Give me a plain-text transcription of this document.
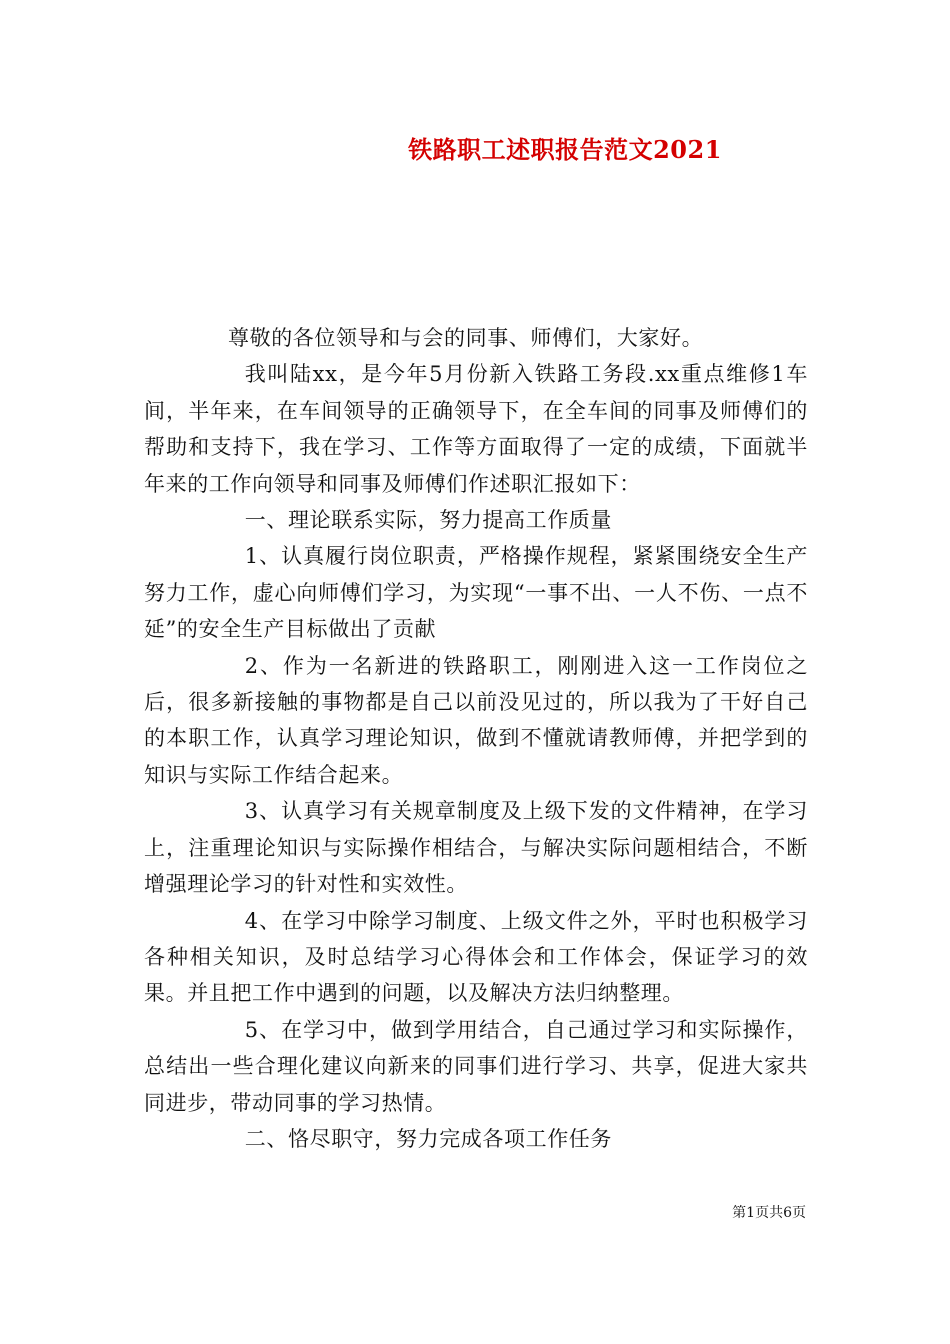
铁路职工述职报告范文2021

尊敬的各位领导和与会的同事、师傅们，大家好。

我叫陆xx，是今年5月份新入铁路工务段.xx重点维修1车间，半年来，在车间领导的正确领导下，在全车间的同事及师傅们的帮助和支持下，我在学习、工作等方面取得了一定的成绩，下面就半年来的工作向领导和同事及师傅们作述职汇报如下：

一、理论联系实际，努力提高工作质量

1、认真履行岗位职责，严格操作规程，紧紧围绕安全生产努力工作，虚心向师傅们学习，为实现“一事不出、一人不伤、一点不延”的安全生产目标做出了贡献

2、作为一名新进的铁路职工，刚刚进入这一工作岗位之后，很多新接触的事物都是自己以前没见过的，所以我为了干好自己的本职工作，认真学习理论知识，做到不懂就请教师傅，并把学到的知识与实际工作结合起来。

3、认真学习有关规章制度及上级下发的文件精神，在学习上，注重理论知识与实际操作相结合，与解决实际问题相结合，不断增强理论学习的针对性和实效性。

4、在学习中除学习制度、上级文件之外，平时也积极学习各种相关知识，及时总结学习心得体会和工作体会，保证学习的效果。并且把工作中遇到的问题，以及解决方法归纳整理。

5、在学习中，做到学用结合，自己通过学习和实际操作，总结出一些合理化建议向新来的同事们进行学习、共享，促进大家共同进步，带动同事的学习热情。

二、恪尽职守，努力完成各项工作任务

第1页共6页
